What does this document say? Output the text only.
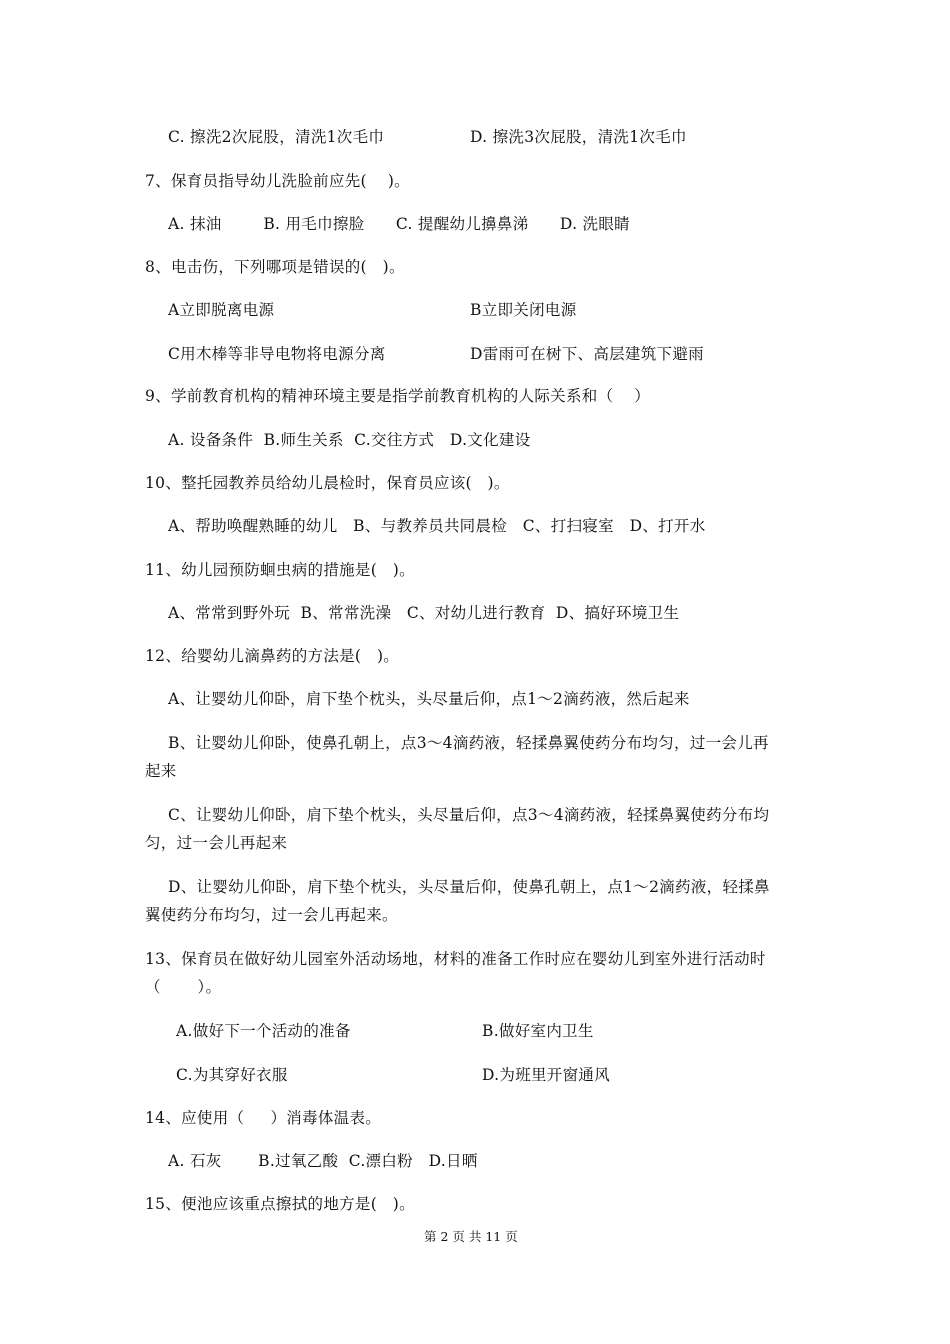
C. 擦洗2次屁股，清洗1次毛巾	D. 擦洗3次屁股，清洗1次毛巾
7、保育员指导幼儿洗脸前应先(    )。
A. 抹油        B. 用毛巾擦脸      C. 提醒幼儿擤鼻涕      D. 洗眼睛
8、电击伤，下列哪项是错误的(   )。
A立即脱离电源	B立即关闭电源
C用木棒等非导电物将电源分离	D雷雨可在树下、高层建筑下避雨
9、学前教育机构的精神环境主要是指学前教育机构的人际关系和（    ）
A. 设备条件  B.师生关系  C.交往方式   D.文化建设
10、整托园教养员给幼儿晨检时，保育员应该(   )。
A、帮助唤醒熟睡的幼儿   B、与教养员共同晨检   C、打扫寝室   D、打开水
11、幼儿园预防蛔虫病的措施是(   )。
A、常常到野外玩  B、常常洗澡   C、对幼儿进行教育  D、搞好环境卫生
12、给婴幼儿滴鼻药的方法是(   )。
A、让婴幼儿仰卧，肩下垫个枕头，头尽量后仰，点1～2滴药液，然后起来
B、让婴幼儿仰卧，使鼻孔朝上，点3～4滴药液，轻揉鼻翼使药分布均匀，过一会儿再
起来
C、让婴幼儿仰卧，肩下垫个枕头，头尽量后仰，点3～4滴药液，轻揉鼻翼使药分布均
匀，过一会儿再起来
D、让婴幼儿仰卧，肩下垫个枕头，头尽量后仰，使鼻孔朝上，点1～2滴药液，轻揉鼻
翼使药分布均匀，过一会儿再起来。
13、保育员在做好幼儿园室外活动场地，材料的准备工作时应在婴幼儿到室外进行活动时
（       ）。
A.做好下一个活动的准备	B.做好室内卫生
C.为其穿好衣服	D.为班里开窗通风
14、应使用（     ）消毒体温表。
A. 石灰       B.过氧乙酸  C.漂白粉   D.日晒
15、便池应该重点擦拭的地方是(   )。
第 2 页 共 11 页
